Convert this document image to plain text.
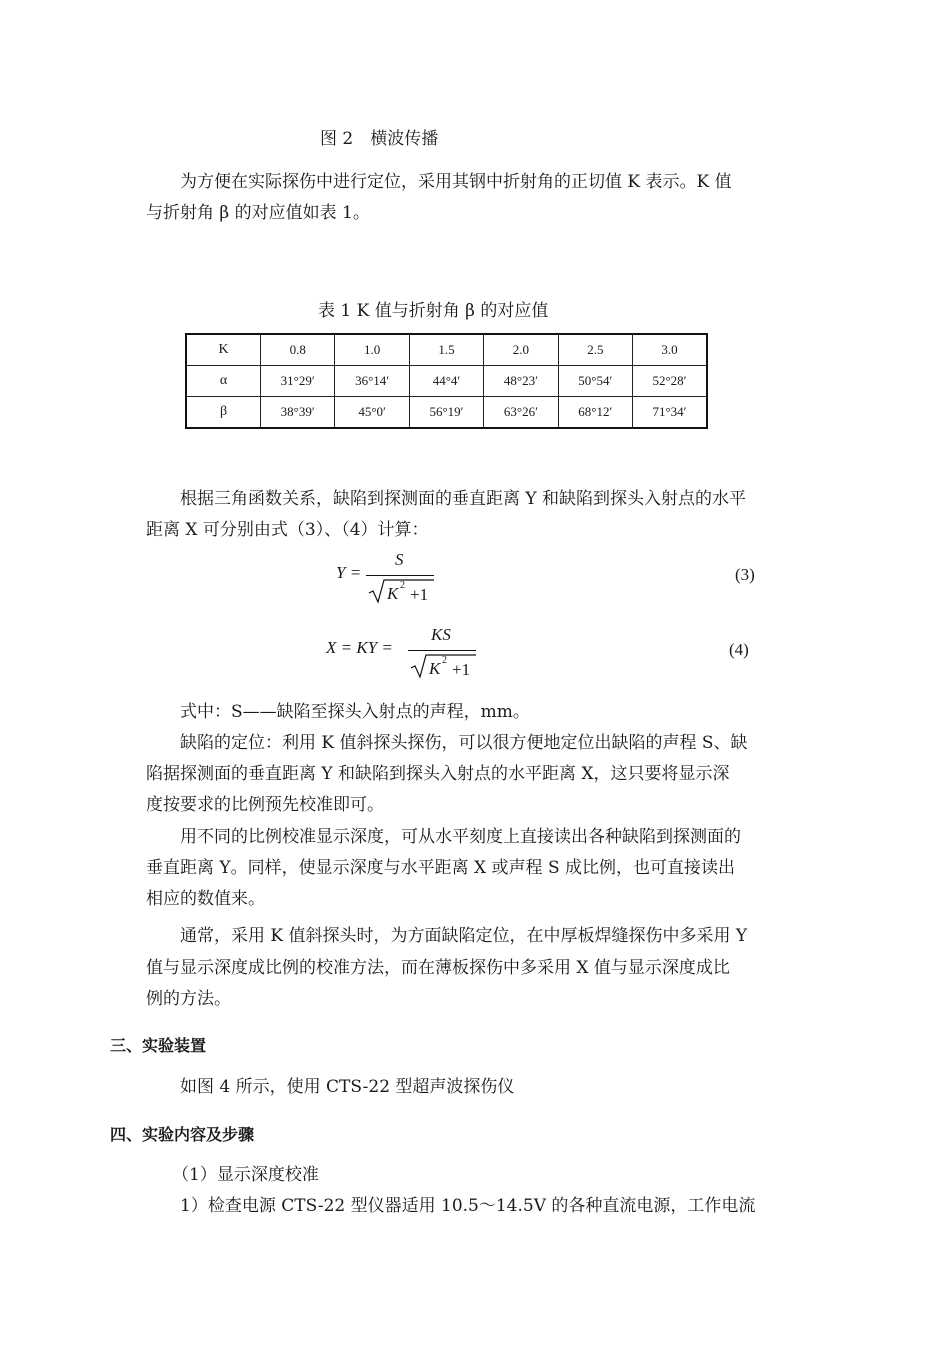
图 2　横波传播
为方便在实际探伤中进行定位，采用其钢中折射角的正切值 K 表示。K 值
与折射角 β 的对应值如表 1。
表 1 K 值与折射角 β 的对应值
K	0.8	1.0	1.5	2.0	2.5	3.0
α	31°29′	36°14′	44°4′	48°23′	50°54′	52°28′
β	38°39′	45°0′	56°19′	63°26′	68°12′	71°34′
根据三角函数关系，缺陷到探测面的垂直距离 Y 和缺陷到探头入射点的水平
距离 X 可分别由式（3）、（4）计算：
Y =
S
K 2 +1
(3)
X = KY =
KS
K 2 +1
(4)
式中：S——缺陷至探头入射点的声程，mm。
缺陷的定位：利用 K 值斜探头探伤，可以很方便地定位出缺陷的声程 S、缺
陷据探测面的垂直距离 Y 和缺陷到探头入射点的水平距离 X，这只要将显示深
度按要求的比例预先校准即可。
用不同的比例校准显示深度，可从水平刻度上直接读出各种缺陷到探测面的
垂直距离 Y。同样，使显示深度与水平距离 X 或声程 S 成比例，也可直接读出
相应的数值来。
通常，采用 K 值斜探头时，为方面缺陷定位，在中厚板焊缝探伤中多采用 Y
值与显示深度成比例的校准方法，而在薄板探伤中多采用 X 值与显示深度成比
例的方法。
三、实验装置
如图 4 所示，使用 CTS-22 型超声波探伤仪
四、实验内容及步骤
（1）显示深度校准
1）检查电源 CTS-22 型仪器适用 10.5～14.5V 的各种直流电源，工作电流
